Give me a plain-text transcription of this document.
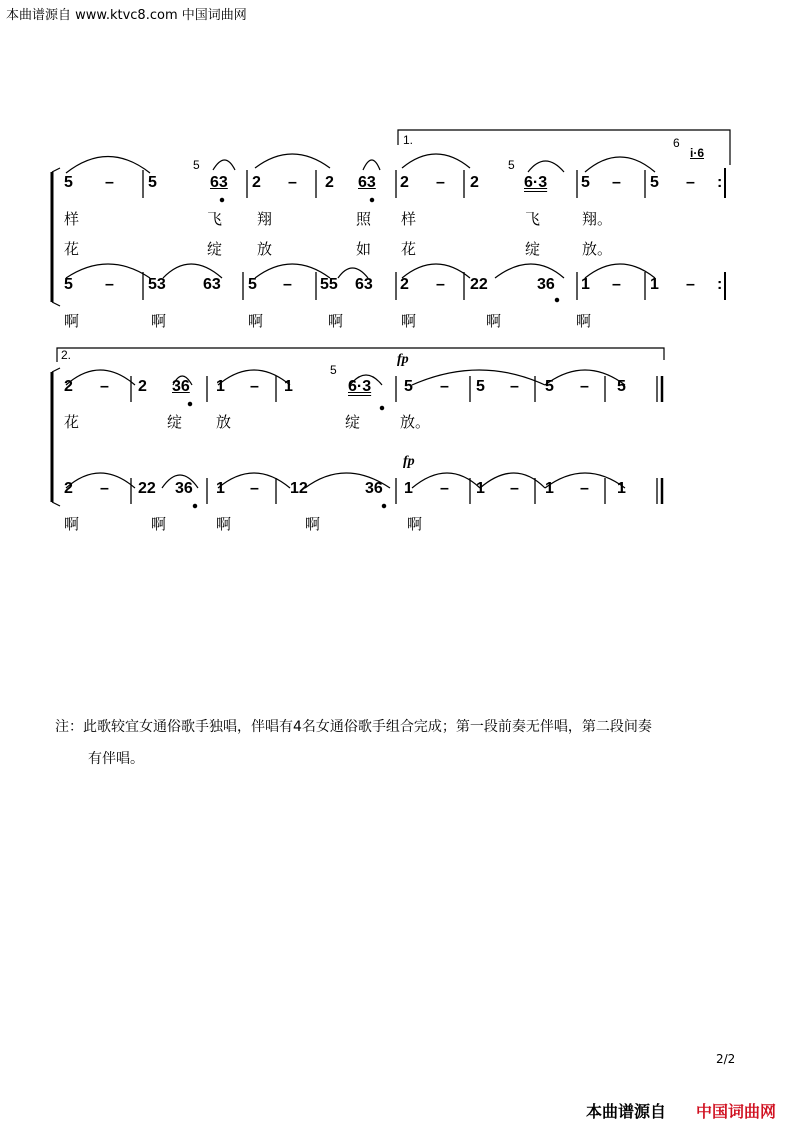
本曲谱源自 www.ktvc8.com 中国词曲网
1.
2.	fp
fp
5	5
5
6
i·6
5 – 5	63 2 – 2 63 2 – 2	6·3 5 – 5 – :
样	飞 翔	照 样	飞	翔。
花	绽 放	如 花	绽	放。
5 – 53 63 5 – 55 63 2 – 22	36 1 – 1 – :
啊	啊	啊	啊	啊	啊	啊
2 – 2 36 1 – 1	6·3 5 – 5 – 5 – 5
花	绽 放	绽	放。
2 – 22 36 1 – 12	36 1 – 1 – 1 – 1
啊	啊	啊	啊	啊
注：此歌较宜女通俗歌手独唱，伴唱有4名女通俗歌手组合完成；第一段前奏无伴唱，第二段间奏
有伴唱。
2/2
本曲谱源自 中国词曲网
